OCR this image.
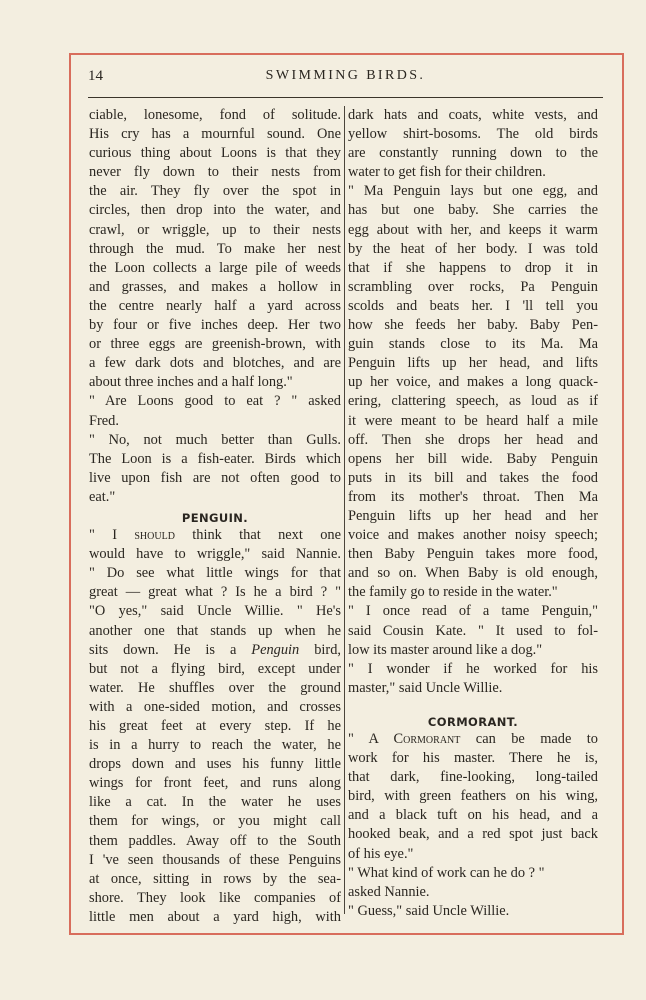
14	SWIMMING BIRDS.
ciable, lonesome, fond of solitude.
His cry has a mournful sound. One
curious thing about Loons is that they
never fly down to their nests from
the air. They fly over the spot in
circles, then drop into the water, and
crawl, or wriggle, up to their nests
through the mud. To make her nest
the Loon collects a large pile of weeds
and grasses, and makes a hollow in
the centre nearly half a yard across
by four or five inches deep. Her two
or three eggs are greenish-brown, with
a few dark dots and blotches, and are
about three inches and a half long."
" Are Loons good to eat ? " asked
Fred.
" No, not much better than Gulls.
The Loon is a fish-eater. Birds which
live upon fish are not often good to
eat."
PENGUIN.
" I should think that next one
would have to wriggle," said Nannie.
" Do see what little wings for that
great — great what ? Is he a bird ? "
"O yes," said Uncle Willie. " He's
another one that stands up when he
sits down. He is a Penguin bird,
but not a flying bird, except under
water. He shuffles over the ground
with a one-sided motion, and crosses
his great feet at every step. If he
is in a hurry to reach the water, he
drops down and uses his funny little
wings for front feet, and runs along
like a cat. In the water he uses
them for wings, or you might call
them paddles. Away off to the South
I 've seen thousands of these Penguins
at once, sitting in rows by the sea-
shore. They look like companies of
little men about a yard high, with
dark hats and coats, white vests, and
yellow shirt-bosoms. The old birds
are constantly running down to the
water to get fish for their children.
" Ma Penguin lays but one egg, and
has but one baby. She carries the
egg about with her, and keeps it warm
by the heat of her body. I was told
that if she happens to drop it in
scrambling over rocks, Pa Penguin
scolds and beats her. I 'll tell you
how she feeds her baby. Baby Pen-
guin stands close to its Ma. Ma
Penguin lifts up her head, and lifts
up her voice, and makes a long quack-
ering, clattering speech, as loud as if
it were meant to be heard half a mile
off. Then she drops her head and
opens her bill wide. Baby Penguin
puts in its bill and takes the food
from its mother's throat. Then Ma
Penguin lifts up her head and her
voice and makes another noisy speech;
then Baby Penguin takes more food,
and so on. When Baby is old enough,
the family go to reside in the water."
" I once read of a tame Penguin,"
said Cousin Kate. " It used to fol-
low its master around like a dog."
" I wonder if he worked for his
master," said Uncle Willie.
CORMORANT.
" A Cormorant can be made to
work for his master. There he is,
that dark, fine-looking, long-tailed
bird, with green feathers on his wing,
and a black tuft on his head, and a
hooked beak, and a red spot just back
of his eye."
" What kind of work can he do ? "
asked Nannie.
" Guess," said Uncle Willie.
